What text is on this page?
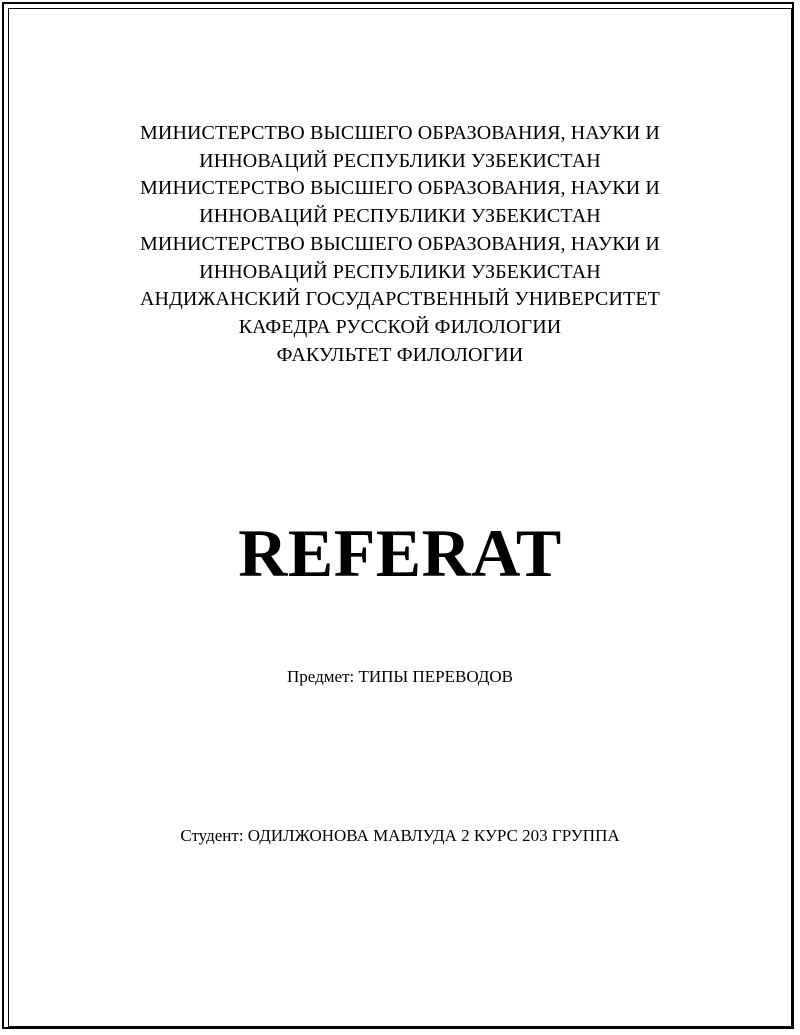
МИНИСТЕРСТВО ВЫСШЕГО ОБРАЗОВАНИЯ, НАУКИ И
ИННОВАЦИЙ РЕСПУБЛИКИ УЗБЕКИСТАН
МИНИСТЕРСТВО ВЫСШЕГО ОБРАЗОВАНИЯ, НАУКИ И
ИННОВАЦИЙ РЕСПУБЛИКИ УЗБЕКИСТАН
МИНИСТЕРСТВО ВЫСШЕГО ОБРАЗОВАНИЯ, НАУКИ И
ИННОВАЦИЙ РЕСПУБЛИКИ УЗБЕКИСТАН
АНДИЖАНСКИЙ ГОСУДАРСТВЕННЫЙ УНИВЕРСИТЕТ
КАФЕДРА РУССКОЙ ФИЛОЛОГИИ
ФАКУЛЬТЕТ ФИЛОЛОГИИ
REFERAT
Предмет: ТИПЫ ПЕРЕВОДОВ
Студент: ОДИЛЖОНОВА МАВЛУДА 2 КУРС 203 ГРУППА
